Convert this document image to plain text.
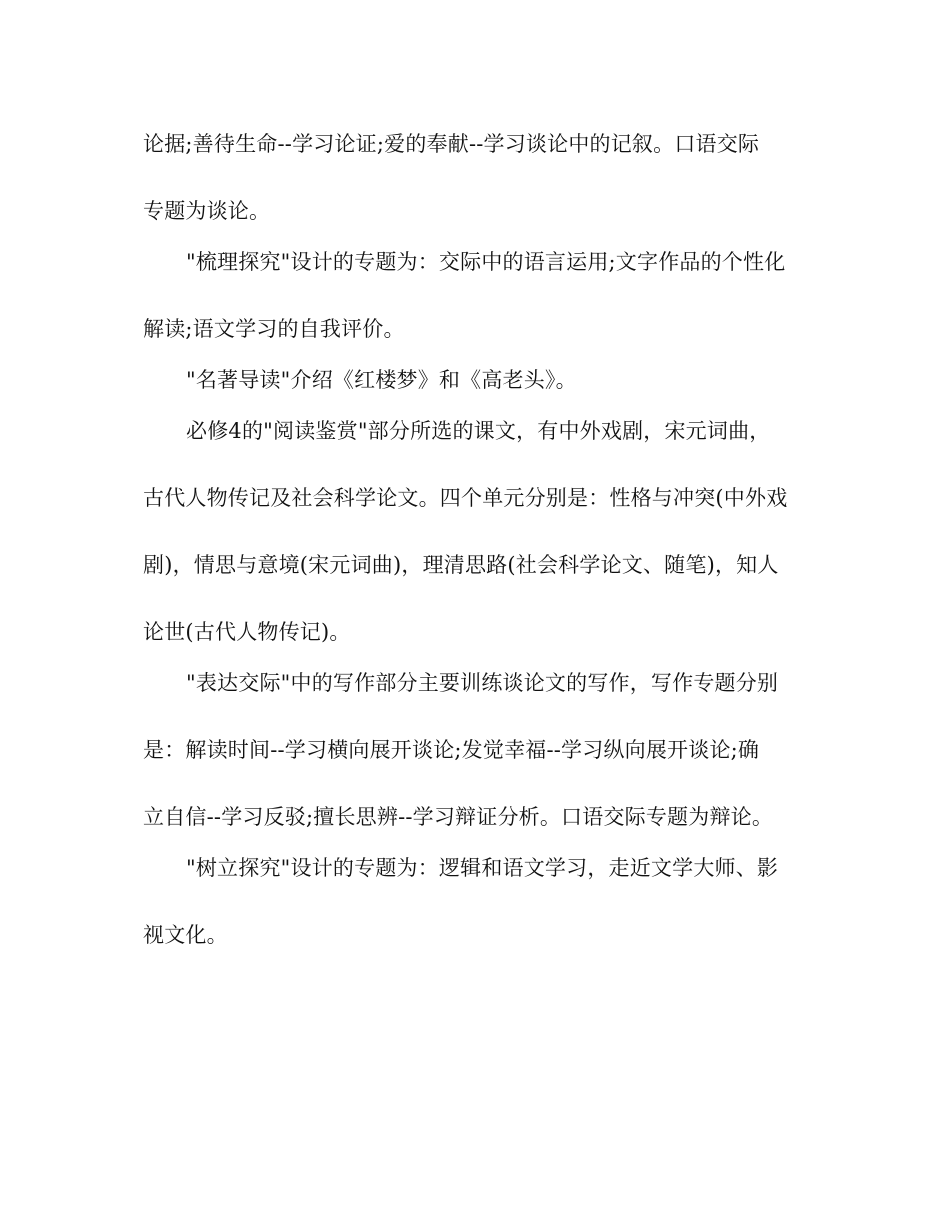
论据;善待生命--学习论证;爱的奉献--学习谈论中的记叙。口语交际
专题为谈论。
"梳理探究"设计的专题为：交际中的语言运用;文字作品的个性化
解读;语文学习的自我评价。
"名著导读"介绍《红楼梦》和《高老头》。
必修4的"阅读鉴赏"部分所选的课文，有中外戏剧，宋元词曲，
古代人物传记及社会科学论文。四个单元分别是：性格与冲突(中外戏
剧)，情思与意境(宋元词曲)，理清思路(社会科学论文、随笔)，知人
论世(古代人物传记)。
"表达交际"中的写作部分主要训练谈论文的写作，写作专题分别
是：解读时间--学习横向展开谈论;发觉幸福--学习纵向展开谈论;确
立自信--学习反驳;擅长思辨--学习辩证分析。口语交际专题为辩论。
"树立探究"设计的专题为：逻辑和语文学习，走近文学大师、影
视文化。
